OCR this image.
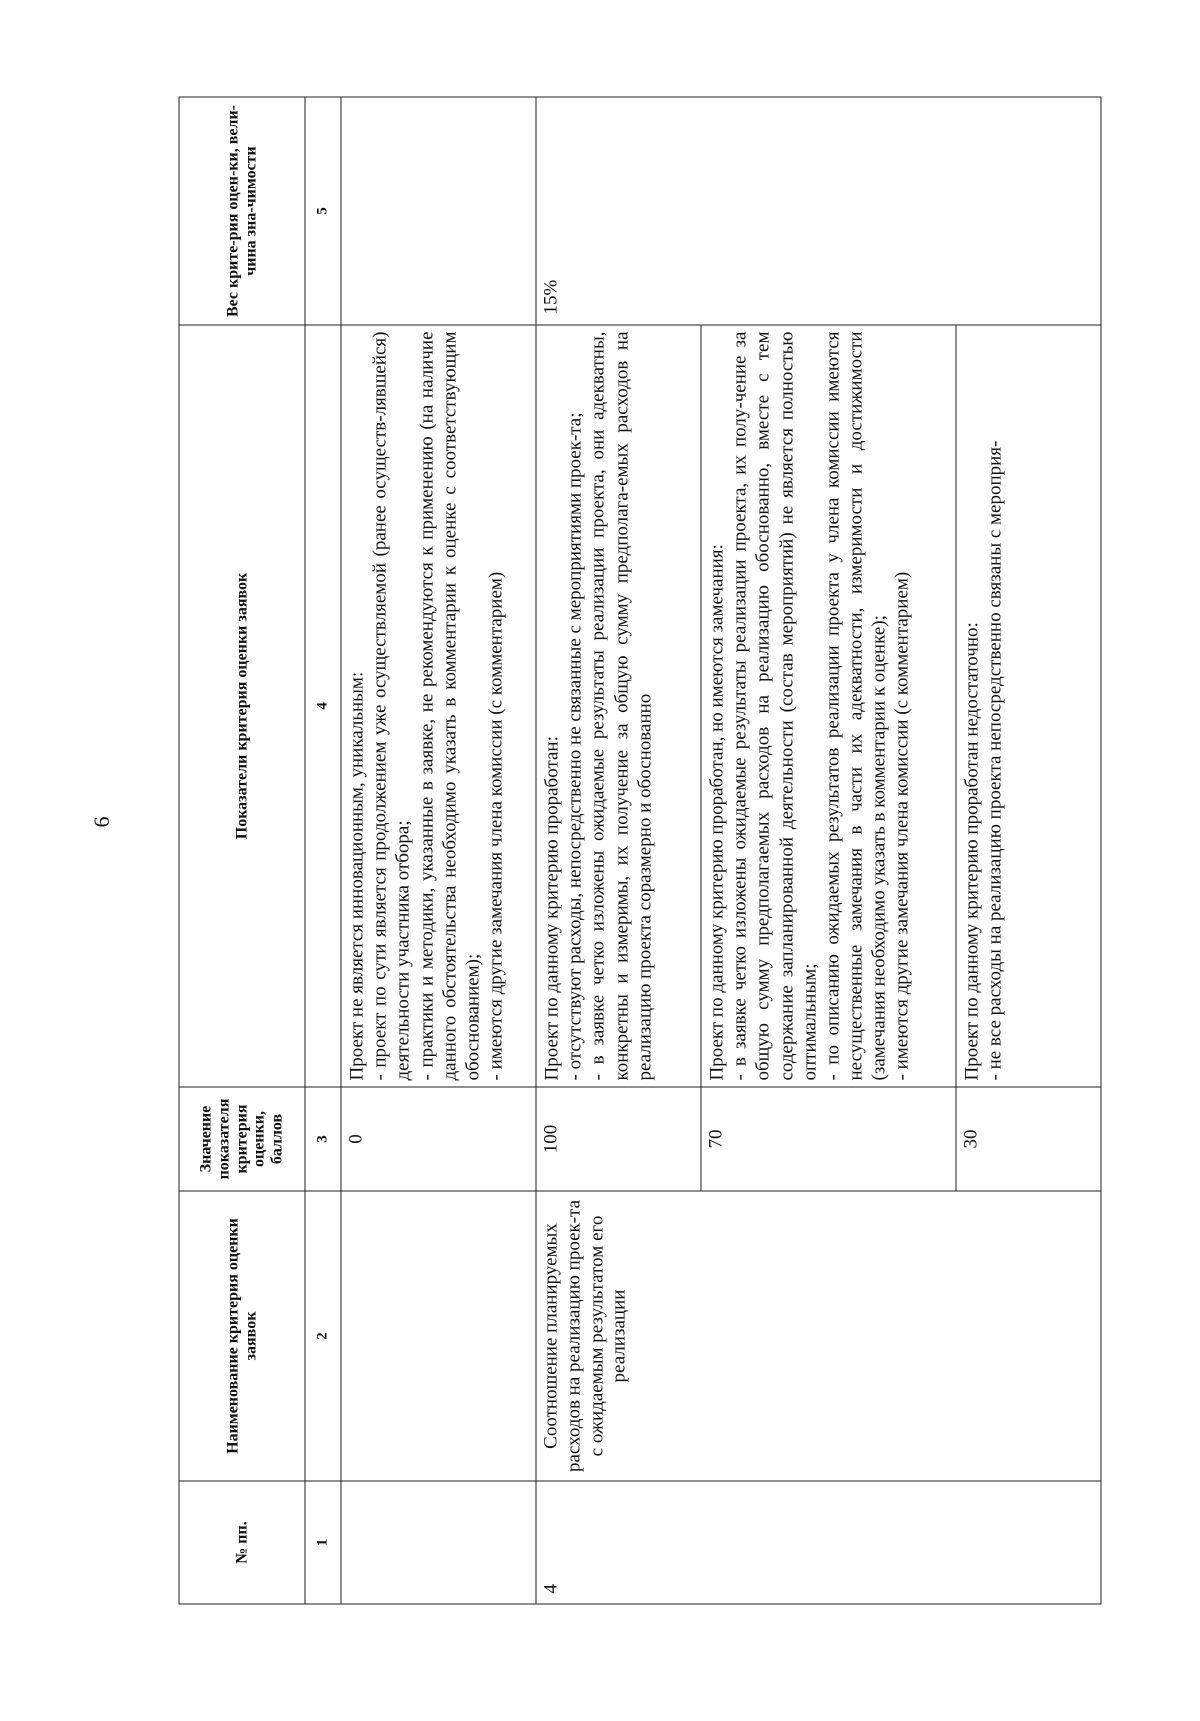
6
№ пп.	Наименование критерия оценки заявок	Значение показателя критерия оценки, баллов	Показатели критерия оценки заявок	Вес крите-рия оцен-ки, вели-чина зна-чимости
1	2	3	4	5
		0	Проект не является инновационным, уникальным: - проект по сути является продолжением уже осуществляемой (ранее осуществ-лявшейся) деятельности участника отбора; - практики и методики, указанные в заявке, не рекомендуются к применению (на наличие данного обстоятельства необходимо указать в комментарии к оценке с соответствующим обоснованием); - имеются другие замечания члена комиссии (с комментарием)	

4	Соотношение планируемых расходов на реализацию проек-та с ожидаемым результатом его реализации	100	Проект по данному критерию проработан: - отсутствуют расходы, непосредственно не связанные с мероприятиями проек-та; - в заявке четко изложены ожидаемые результаты реализации проекта, они адекватны, конкретны и измеримы, их получение за общую сумму предполага-емых расходов на реализацию проекта соразмерно и обоснованно	15%
		70	Проект по данному критерию проработан, но имеются замечания: - в заявке четко изложены ожидаемые результаты реализации проекта, их полу-чение за общую сумму предполагаемых расходов на реализацию обоснованно, вместе с тем содержание запланированной деятельности (состав мероприятий) не является полностью оптимальным; - по описанию ожидаемых результатов реализации проекта у члена комиссии имеются несущественные замечания в части их адекватности, измеримости и достижимости (замечания необходимо указать в комментарии к оценке); - имеются другие замечания члена комиссии (с комментарием)	

		30	Проект по данному критерию проработан недостаточно: - не все расходы на реализацию проекта непосредственно связаны с мероприя-	
